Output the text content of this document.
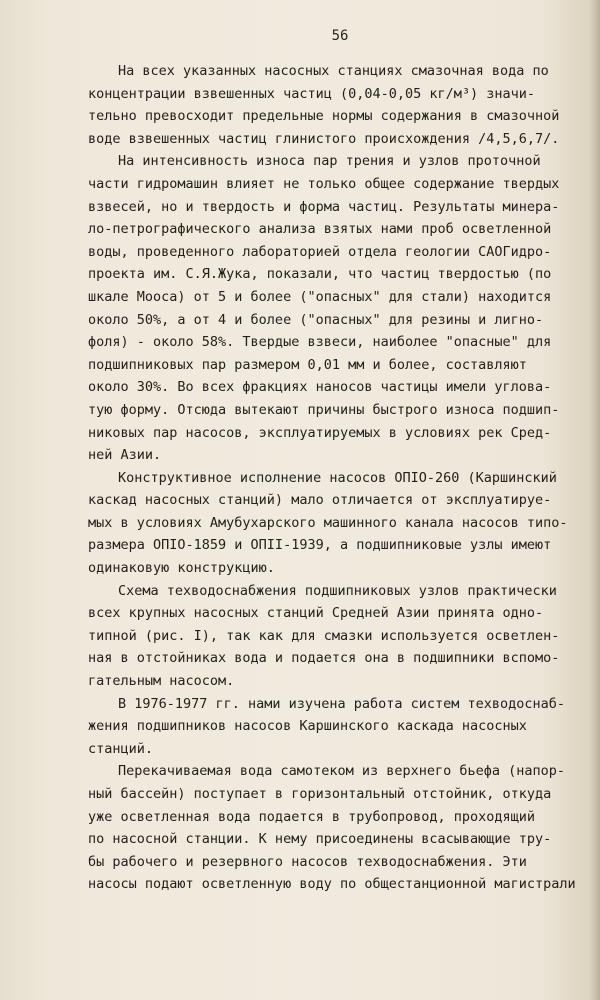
56
На всех указанных насосных станциях смазочная вода по
концентрации взвешенных частиц (0,04-0,05 кг/м³) значи-
тельно превосходит предельные нормы содержания в смазочной
воде взвешенных частиц глинистого происхождения /4,5,6,7/.
На интенсивность износа пар трения и узлов проточной
части гидромашин влияет не только общее содержание твердых
взвесей, но и твердость и форма частиц. Результаты минера-
ло-петрографического анализа взятых нами проб осветленной
воды, проведенного лабораторией отдела геологии САОГидро-
проекта им. С.Я.Жука, показали, что частиц твердостью (по
шкале Мооса) от 5 и более ("опасных" для стали) находится
около 50%, а от 4 и более ("опасных" для резины и лигно-
фоля) - около 58%. Твердые взвеси, наиболее "опасные" для
подшипниковых пар размером 0,01 мм и более, составляют
около 30%. Во всех фракциях наносов частицы имели углова-
тую форму. Отсюда вытекают причины быстрого износа подшип-
никовых пар насосов, эксплуатируемых в условиях рек Сред-
ней Азии.
Конструктивное исполнение насосов ОПІО-260 (Каршинский
каскад насосных станций) мало отличается от эксплуатируе-
мых в условиях Амубухарского машинного канала насосов типо-
размера ОПІО-1859 и ОПІІ-1939, а подшипниковые узлы имеют
одинаковую конструкцию.
Схема техводоснабжения подшипниковых узлов практически
всех крупных насосных станций Средней Азии принята одно-
типной (рис. І), так как для смазки используется осветлен-
ная в отстойниках вода и подается она в подшипники вспомо-
гательным насосом.
В 1976-1977 гг. нами изучена работа систем техводоснаб-
жения подшипников насосов Каршинского каскада насосных
станций.
Перекачиваемая вода самотеком из верхнего бьефа (напор-
ный бассейн) поступает в горизонтальный отстойник, откуда
уже осветленная вода подается в трубопровод, проходящий
по насосной станции. К нему присоединены всасывающие тру-
бы рабочего и резервного насосов техводоснабжения. Эти
насосы подают осветленную воду по общестанционной магистрали
